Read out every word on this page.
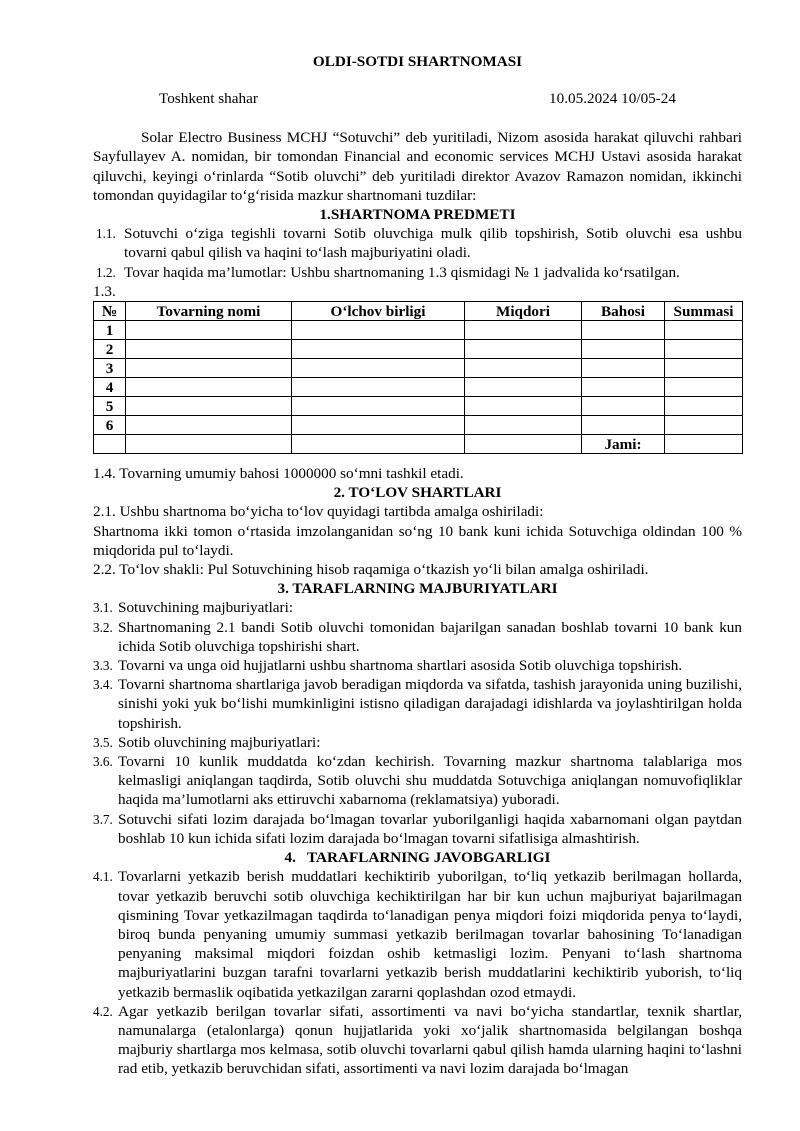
OLDI-SOTDI SHARTNOMASI

Toshkent shahar	10.05.2024 10/05-24

Solar Electro Business MCHJ “Sotuvchi” deb yuritiladi, Nizom asosida harakat qiluvchi rahbari Sayfullayev A. nomidan, bir tomondan Financial and economic services MCHJ Ustavi asosida harakat qiluvchi, keyingi o‘rinlarda “Sotib oluvchi” deb yuritiladi direktor Avazov Ramazon nomidan, ikkinchi tomondan quyidagilar to‘g‘risida mazkur shartnomani tuzdilar:

1.SHARTNOMA PREDMETI

1.1. Sotuvchi o‘ziga tegishli tovarni Sotib oluvchiga mulk qilib topshirish, Sotib oluvchi esa ushbu tovarni qabul qilish va haqini to‘lash majburiyatini oladi.
1.2. Tovar haqida ma’lumotlar: Ushbu shartnomaning 1.3 qismidagi № 1 jadvalida ko‘rsatilgan.

1.3.

№	Tovarning nomi	O‘lchov birligi	Miqdori	Bahosi	Summasi
1					
2					
3					
4					
5					
6					
				Jami:	

1.4. Tovarning umumiy bahosi 1000000 so‘mni tashkil etadi.

2. TO‘LOV SHARTLARI

2.1. Ushbu shartnoma bo‘yicha to‘lov quyidagi tartibda amalga oshiriladi:

Shartnoma ikki tomon o‘rtasida imzolanganidan so‘ng 10 bank kuni ichida Sotuvchiga oldindan 100 % miqdorida pul to‘laydi.

2.2. To‘lov shakli: Pul Sotuvchining hisob raqamiga o‘tkazish yo‘li bilan amalga oshiriladi.

3. TARAFLARNING MAJBURIYATLARI

3.1. Sotuvchining majburiyatlari:
3.2. Shartnomaning 2.1 bandi Sotib oluvchi tomonidan bajarilgan sanadan boshlab tovarni 10 bank kun ichida Sotib oluvchiga topshirishi shart.
3.3. Tovarni va unga oid hujjatlarni ushbu shartnoma shartlari asosida Sotib oluvchiga topshirish.
3.4. Tovarni shartnoma shartlariga javob beradigan miqdorda va sifatda, tashish jarayonida uning buzilishi, sinishi yoki yuk bo‘lishi mumkinligini istisno qiladigan darajadagi idishlarda va joylashtirilgan holda topshirish.
3.5. Sotib oluvchining majburiyatlari:
3.6. Tovarni 10 kunlik muddatda ko‘zdan kechirish. Tovarning mazkur shartnoma talablariga mos kelmasligi aniqlangan taqdirda, Sotib oluvchi shu muddatda Sotuvchiga aniqlangan nomuvofiqliklar haqida ma’lumotlarni aks ettiruvchi xabarnoma (reklamatsiya) yuboradi.
3.7. Sotuvchi sifati lozim darajada bo‘lmagan tovarlar yuborilganligi haqida xabarnomani olgan paytdan boshlab 10 kun ichida sifati lozim darajada bo‘lmagan tovarni sifatlisiga almashtirish.

4.   TARAFLARNING JAVOBGARLIGI

4.1. Tovarlarni yetkazib berish muddatlari kechiktirib yuborilgan, to‘liq yetkazib berilmagan hollarda, tovar yetkazib beruvchi sotib oluvchiga kechiktirilgan har bir kun uchun majburiyat bajarilmagan qismining Tovar yetkazilmagan taqdirda to‘lanadigan penya miqdori foizi miqdorida penya to‘laydi, biroq bunda penyaning umumiy summasi yetkazib berilmagan tovarlar bahosining To‘lanadigan penyaning maksimal miqdori foizdan oshib ketmasligi lozim. Penyani to‘lash shartnoma majburiyatlarini buzgan tarafni tovarlarni yetkazib berish muddatlarini kechiktirib yuborish, to‘liq yetkazib bermaslik oqibatida yetkazilgan zararni qoplashdan ozod etmaydi.
4.2. Agar yetkazib berilgan tovarlar sifati, assortimenti va navi bo‘yicha standartlar, texnik shartlar, namunalarga (etalonlarga) qonun hujjatlarida yoki xo‘jalik shartnomasida belgilangan boshqa majburiy shartlarga mos kelmasa, sotib oluvchi tovarlarni qabul qilish hamda ularning haqini to‘lashni rad etib, yetkazib beruvchidan sifati, assortimenti va navi lozim darajada bo‘lmagan
